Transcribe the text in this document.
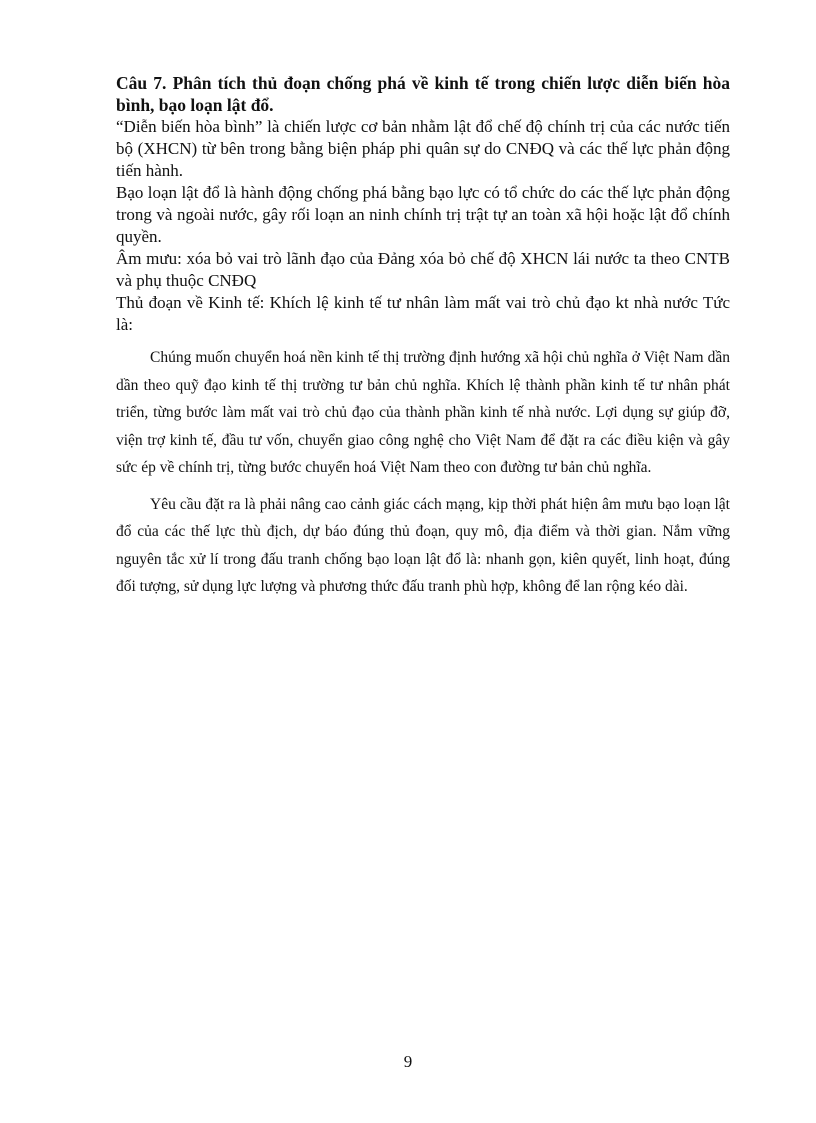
Câu 7. Phân tích thủ đoạn chống phá về kinh tế trong chiến lược diễn biến hòa bình, bạo loạn lật đổ.

“Diễn biến hòa bình” là chiến lược cơ bản nhằm lật đổ chế độ chính trị của các nước tiến bộ (XHCN) từ bên trong bằng biện pháp phi quân sự do CNĐQ và các thế lực phản động tiến hành.

Bạo loạn lật đổ là hành động chống phá bằng bạo lực có tổ chức do các thế lực phản động trong và ngoài nước, gây rối loạn an ninh chính trị trật tự an toàn xã hội hoặc lật đổ chính quyền.

Âm mưu: xóa bỏ vai trò lãnh đạo của Đảng xóa bỏ chế độ XHCN lái nước ta theo CNTB và phụ thuộc CNĐQ

Thủ đoạn về Kinh tế: Khích lệ kinh tế tư nhân làm mất vai trò chủ đạo kt nhà nước Tức là:

Chúng muốn chuyển hoá nền kinh tế thị trường định hướng xã hội chủ nghĩa ở Việt Nam dần dần theo quỹ đạo kinh tế thị trường tư bản chủ nghĩa. Khích lệ thành phần kinh tế tư nhân phát triển, từng bước làm mất vai trò chủ đạo của thành phần kinh tế nhà nước. Lợi dụng sự giúp đỡ, viện trợ kinh tế, đầu tư vốn, chuyển giao công nghệ cho Việt Nam để đặt ra các điều kiện và gây sức ép về chính trị, từng bước chuyển hoá Việt Nam theo con đường tư bản chủ nghĩa.

Yêu cầu đặt ra là phải nâng cao cảnh giác cách mạng, kịp thời phát hiện âm mưu bạo loạn lật đổ của các thế lực thù địch, dự báo đúng thủ đoạn, quy mô, địa điểm và thời gian. Nắm vững nguyên tắc xử lí trong đấu tranh chống bạo loạn lật đổ là: nhanh gọn, kiên quyết, linh hoạt, đúng đối tượng, sử dụng lực lượng và phương thức đấu tranh phù hợp, không để lan rộng kéo dài.

9
